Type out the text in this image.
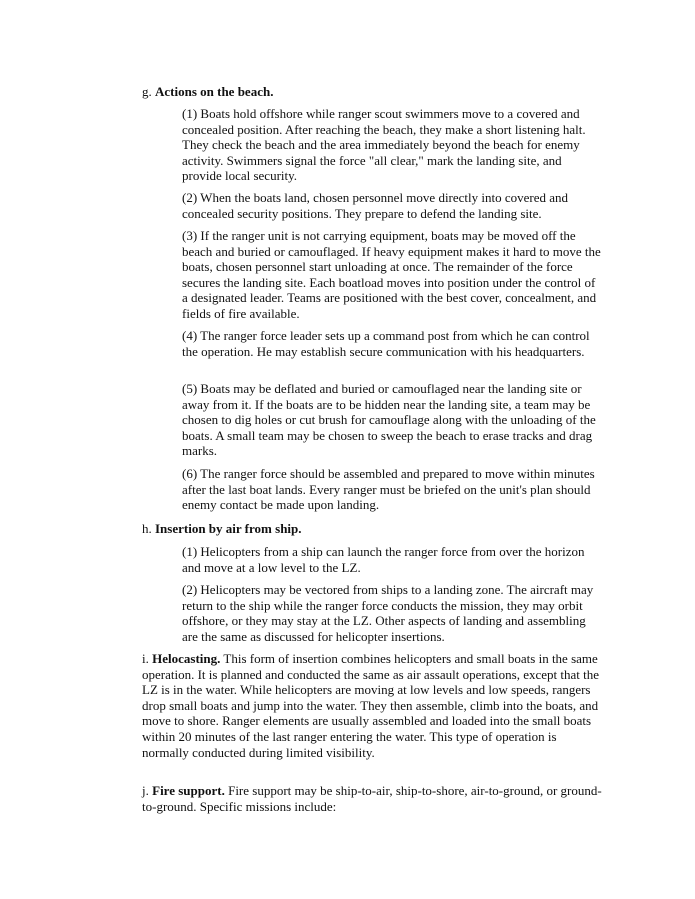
g. Actions on the beach.

(1) Boats hold offshore while ranger scout swimmers move to a covered and concealed position. After reaching the beach, they make a short listening halt. They check the beach and the area immediately beyond the beach for enemy activity. Swimmers signal the force "all clear," mark the landing site, and provide local security.

(2) When the boats land, chosen personnel move directly into covered and concealed security positions. They prepare to defend the landing site.

(3) If the ranger unit is not carrying equipment, boats may be moved off the beach and buried or camouflaged. If heavy equipment makes it hard to move the boats, chosen personnel start unloading at once. The remainder of the force secures the landing site. Each boatload moves into position under the control of a designated leader. Teams are positioned with the best cover, concealment, and fields of fire available.

(4) The ranger force leader sets up a command post from which he can control the operation. He may establish secure communication with his headquarters.

(5) Boats may be deflated and buried or camouflaged near the landing site or away from it. If the boats are to be hidden near the landing site, a team may be chosen to dig holes or cut brush for camouflage along with the unloading of the boats. A small team may be chosen to sweep the beach to erase tracks and drag marks.

(6) The ranger force should be assembled and prepared to move within minutes after the last boat lands. Every ranger must be briefed on the unit's plan should enemy contact be made upon landing.

h. Insertion by air from ship.

(1) Helicopters from a ship can launch the ranger force from over the horizon and move at a low level to the LZ.

(2) Helicopters may be vectored from ships to a landing zone. The aircraft may return to the ship while the ranger force conducts the mission, they may orbit offshore, or they may stay at the LZ. Other aspects of landing and assembling are the same as discussed for helicopter insertions.

i. Helocasting. This form of insertion combines helicopters and small boats in the same operation. It is planned and conducted the same as air assault operations, except that the LZ is in the water. While helicopters are moving at low levels and low speeds, rangers drop small boats and jump into the water. They then assemble, climb into the boats, and move to shore. Ranger elements are usually assembled and loaded into the small boats within 20 minutes of the last ranger entering the water. This type of operation is normally conducted during limited visibility.

j. Fire support. Fire support may be ship-to-air, ship-to-shore, air-to-ground, or ground-to-ground. Specific missions include:
